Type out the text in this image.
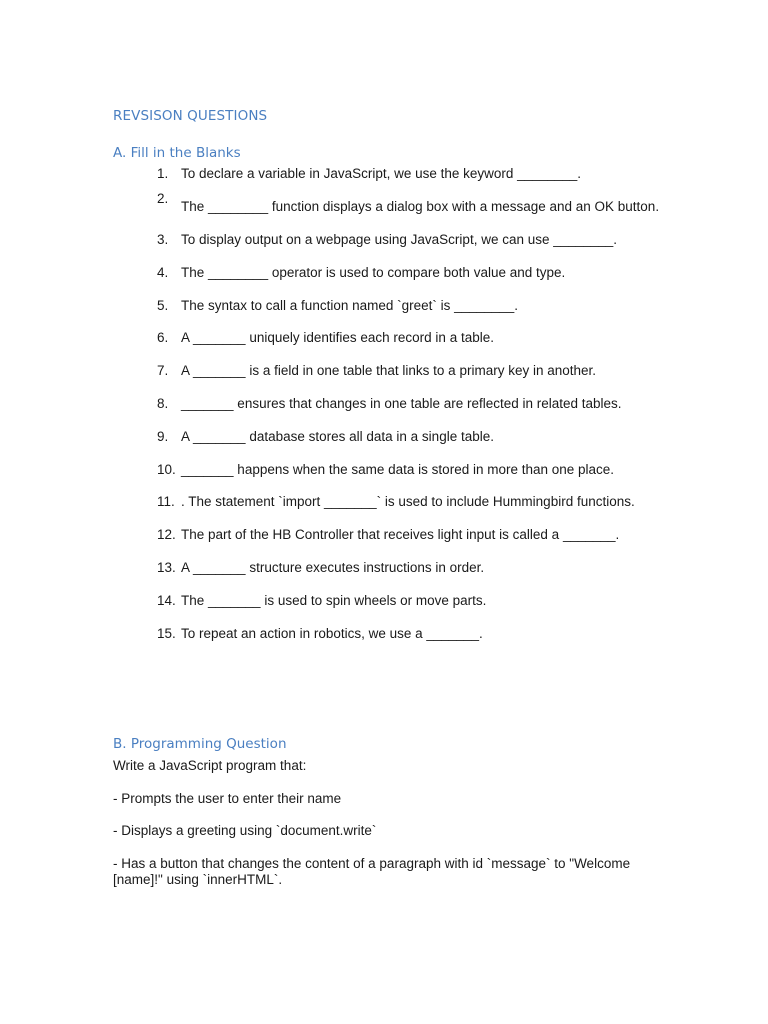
REVSISON QUESTIONS
A. Fill in the Blanks
1. To declare a variable in JavaScript, we use the keyword ________.
2.
The ________ function displays a dialog box with a message and an OK button.
3. To display output on a webpage using JavaScript, we can use ________.
4. The ________ operator is used to compare both value and type.
5. The syntax to call a function named `greet` is ________.
6. A _______ uniquely identifies each record in a table.
7. A _______ is a field in one table that links to a primary key in another.
8. _______ ensures that changes in one table are reflected in related tables.
9. A _______ database stores all data in a single table.
10. _______ happens when the same data is stored in more than one place.
11. . The statement `import _______` is used to include Hummingbird functions.
12. The part of the HB Controller that receives light input is called a _______.
13. A _______ structure executes instructions in order.
14. The _______ is used to spin wheels or move parts.
15. To repeat an action in robotics, we use a _______.
B. Programming Question

Write a JavaScript program that:

- Prompts the user to enter their name

- Displays a greeting using `document.write`

- Has a button that changes the content of a paragraph with id `message` to "Welcome [name]!" using `innerHTML`.
